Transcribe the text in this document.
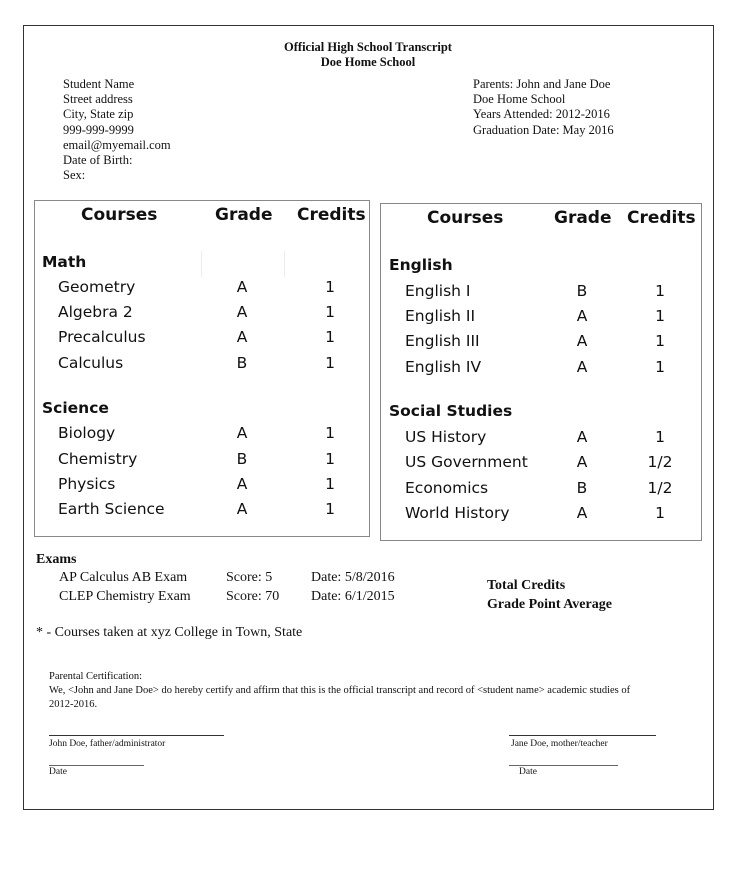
Official High School Transcript
Doe Home School
Student Name
Street address
City, State zip
999-999-9999
email@myemail.com
Date of Birth:
Sex:
Parents: John and Jane Doe
Doe Home School
Years Attended: 2012-2016
Graduation Date: May 2016
Courses	Grade Credits
Math
Geometry	A	1
Algebra 2	A	1
Precalculus	A	1
Calculus	B	1
Science
Biology	A	1
Chemistry	B	1
Physics	A	1
Earth Science	A	1
Courses	Grade Credits
English
English I	B	1
English II	A	1
English III	A	1
English IV	A	1
Social Studies
US History	A	1
US Government	A	1/2
Economics	B	1/2
World History	A	1
Exams
AP Calculus AB Exam	Score: 5	Date: 5/8/2016
CLEP Chemistry Exam	Score: 70 Date: 6/1/2015
Total Credits
Grade Point Average
* - Courses taken at xyz College in Town, State
Parental Certification:
We, <John and Jane Doe> do hereby certify and affirm that this is the official transcript and record of <student name> academic studies of 2012-2016.
John Doe, father/administrator	Jane Doe, mother/teacher
Date	Date
